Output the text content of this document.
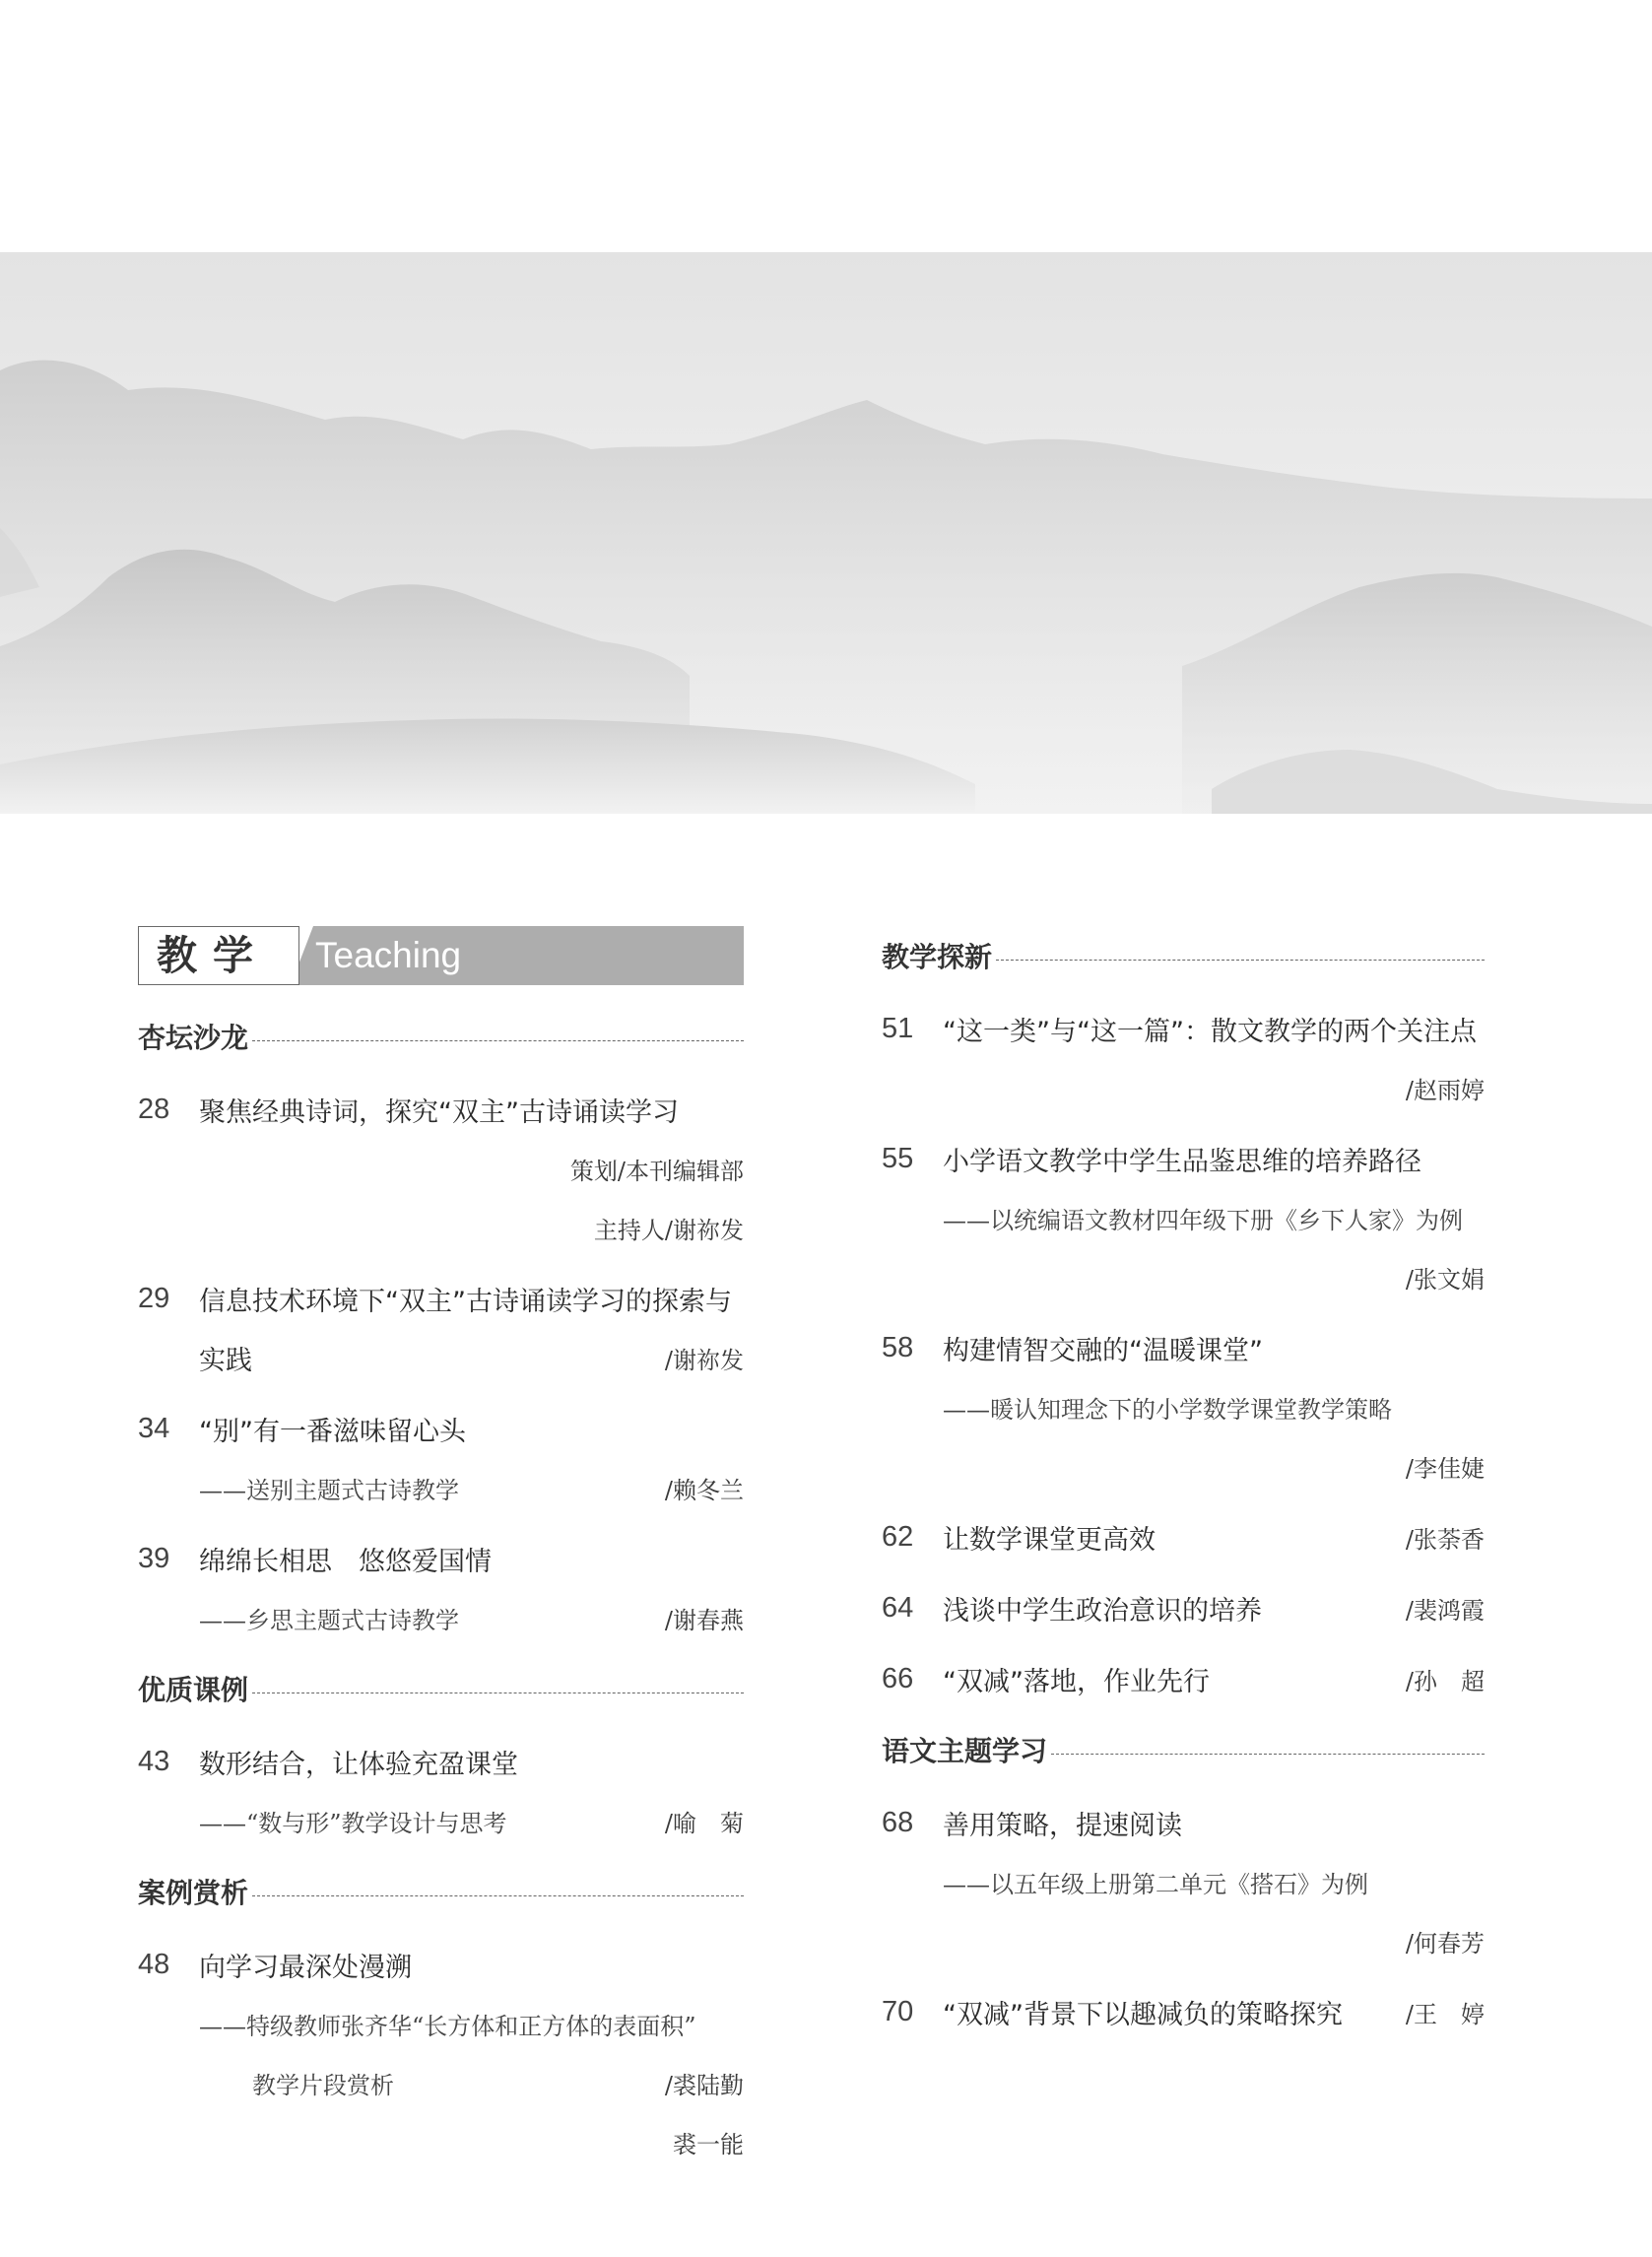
教学	Teaching
杏坛沙龙
28	聚焦经典诗词，探究“双主”古诗诵读学习
策划/本刊编辑部
主持人/谢祢发
29	信息技术环境下“双主”古诗诵读学习的探索与
实践	/谢祢发
34	“别”有一番滋味留心头
——送别主题式古诗教学	/赖冬兰
39	绵绵长相思　悠悠爱国情
——乡思主题式古诗教学	/谢春燕
优质课例
43	数形结合，让体验充盈课堂
——“数与形”教学设计与思考	/喻　菊
案例赏析
48	向学习最深处漫溯
——特级教师张齐华“长方体和正方体的表面积”
教学片段赏析	/裘陆勤
裘一能
教学探新
51	“这一类”与“这一篇”：散文教学的两个关注点
/赵雨婷
55	小学语文教学中学生品鉴思维的培养路径
——以统编语文教材四年级下册《乡下人家》为例
/张文娟
58	构建情智交融的“温暖课堂”
——暖认知理念下的小学数学课堂教学策略
/李佳婕
62	让数学课堂更高效	/张荼香
64	浅谈中学生政治意识的培养	/裴鸿霞
66	“双减”落地，作业先行	/孙　超
语文主题学习
68	善用策略，提速阅读
——以五年级上册第二单元《搭石》为例
/何春芳
70	“双减”背景下以趣减负的策略探究	/王　婷
